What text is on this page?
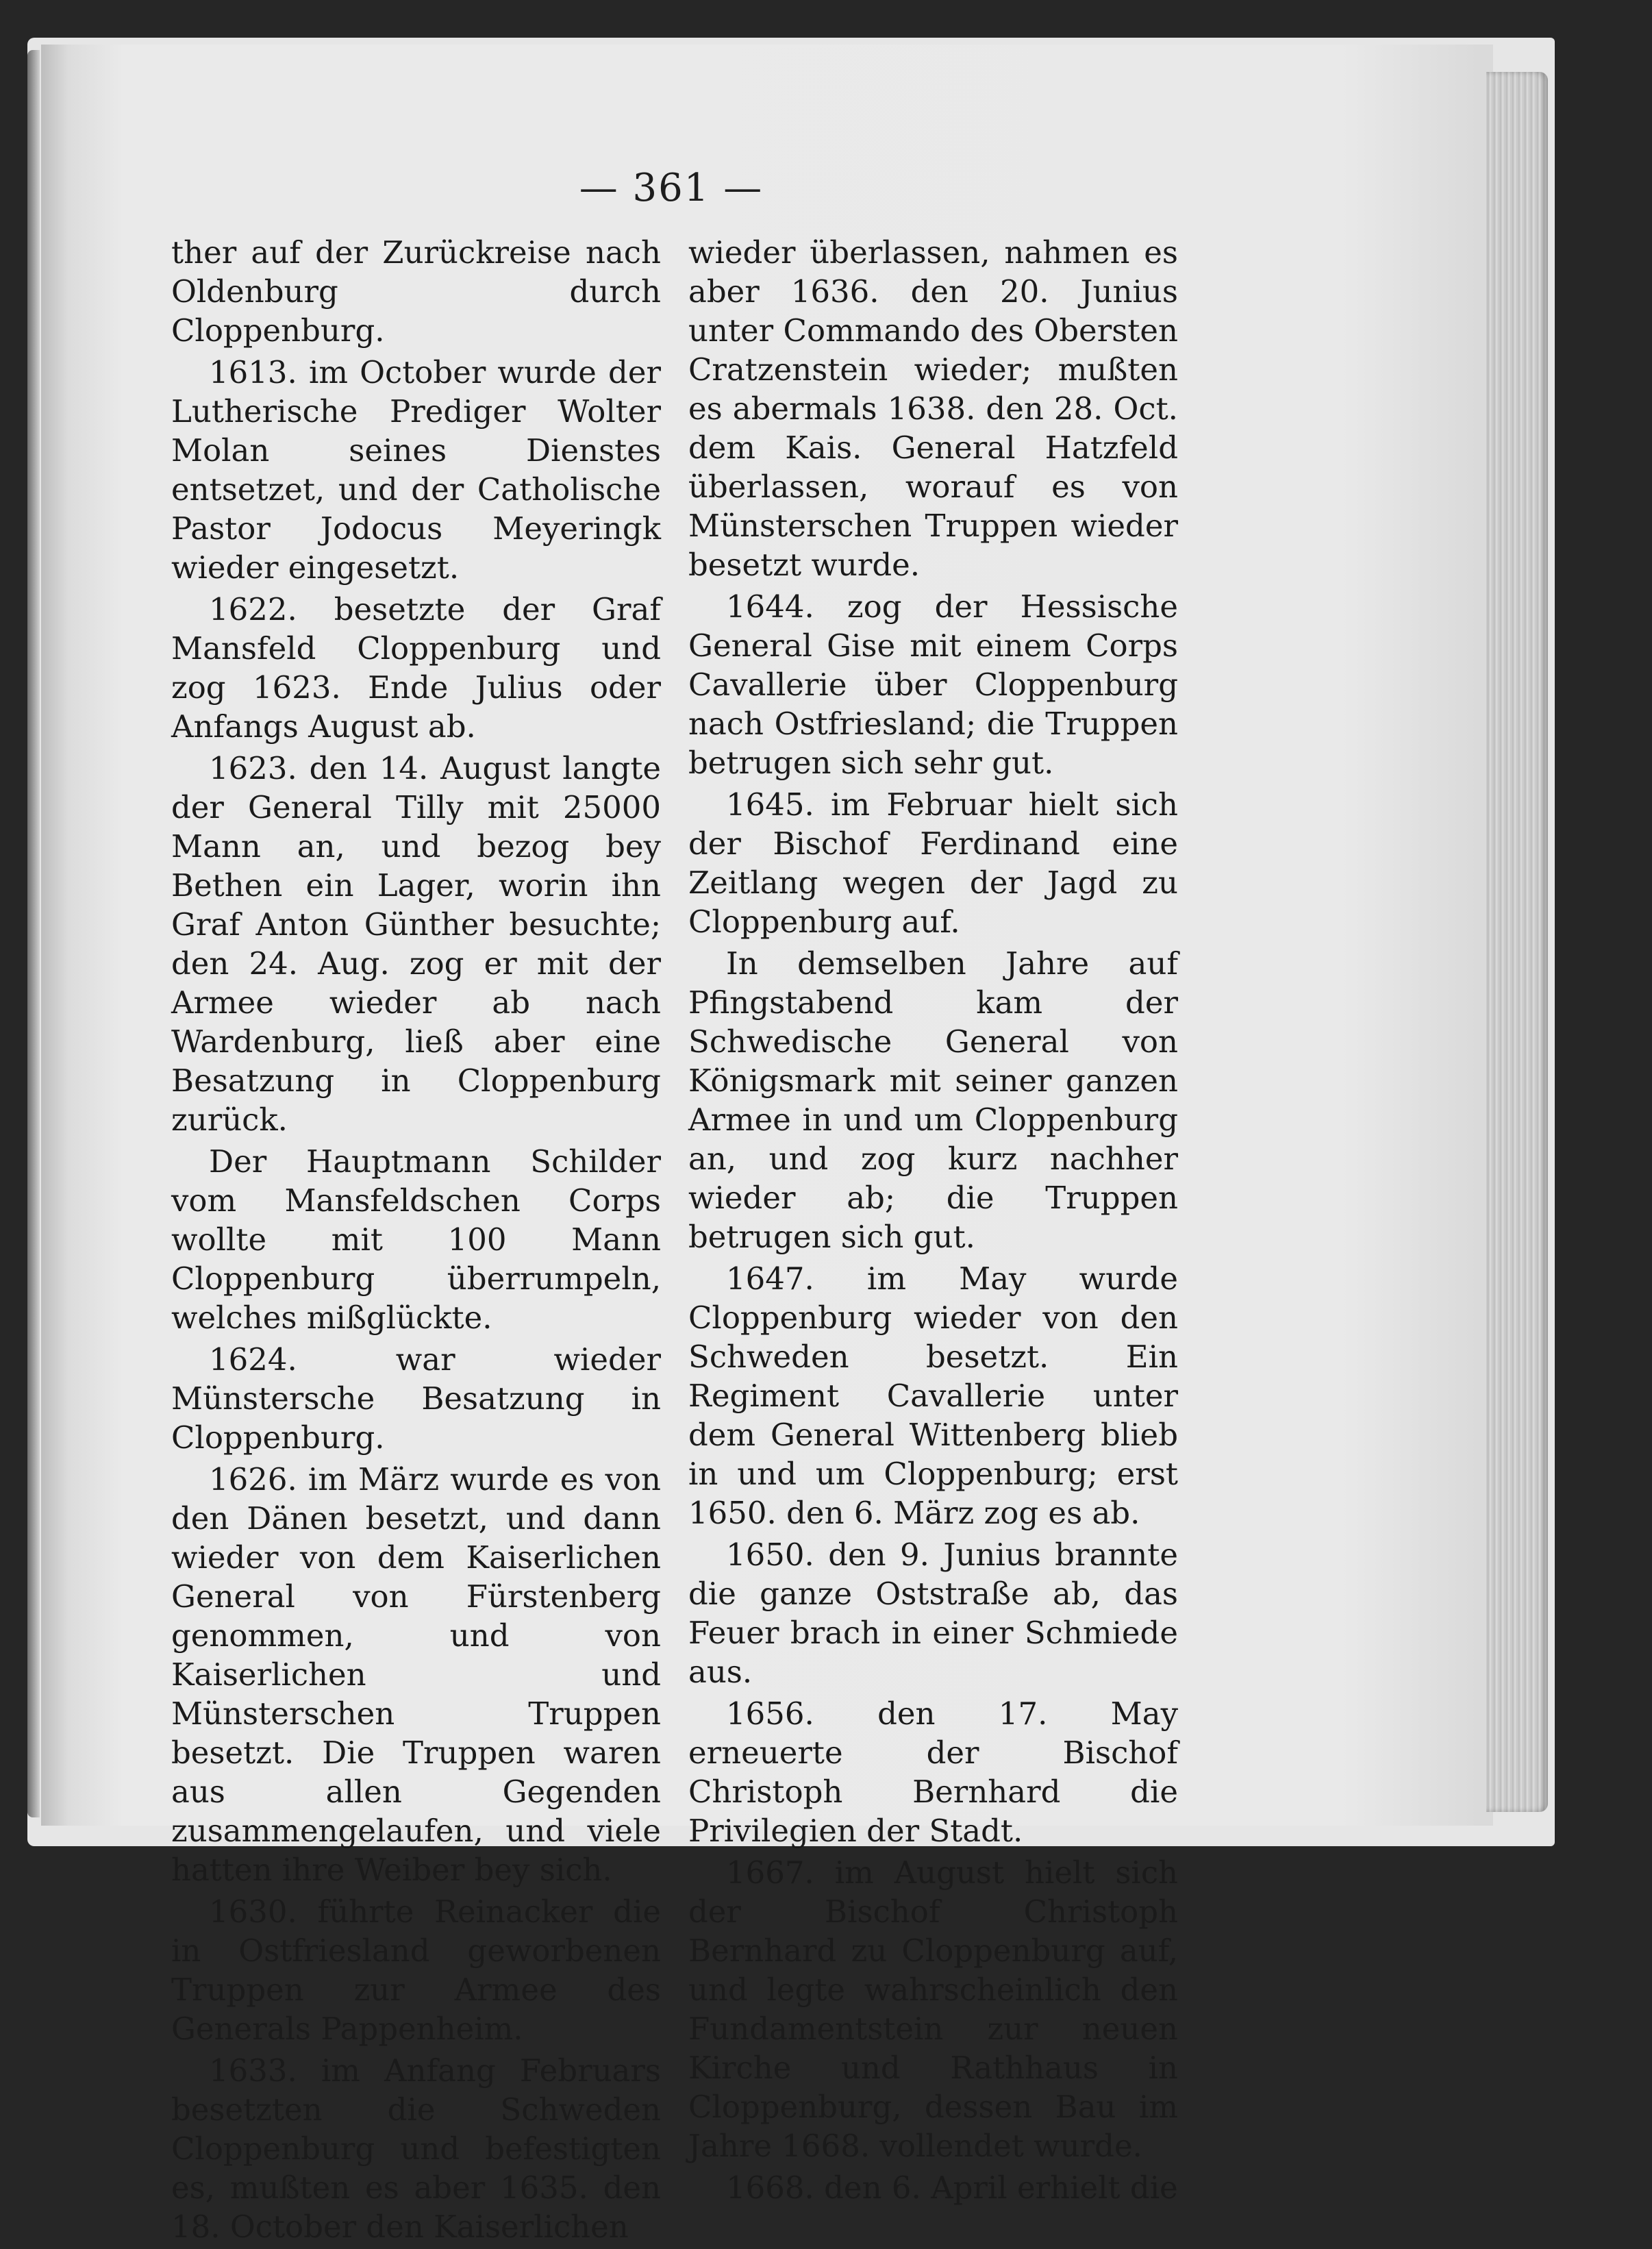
— 361 —

ther auf der Zurückreise nach Oldenburg durch Cloppenburg.

1613. im October wurde der Lutherische Prediger Wolter Molan seines Dienstes entsetzet, und der Catholische Pastor Jodocus Meyeringk wieder eingesetzt.

1622. besetzte der Graf Mansfeld Cloppenburg und zog 1623. Ende Julius oder Anfangs August ab.

1623. den 14. August langte der General Tilly mit 25000 Mann an, und bezog bey Bethen ein Lager, worin ihn Graf Anton Günther besuchte; den 24. Aug. zog er mit der Armee wieder ab nach Wardenburg, ließ aber eine Besatzung in Cloppenburg zurück.

Der Hauptmann Schilder vom Mansfeldschen Corps wollte mit 100 Mann Cloppenburg überrumpeln, welches mißglückte.

1624. war wieder Münstersche Besatzung in Cloppenburg.

1626. im März wurde es von den Dänen besetzt, und dann wieder von dem Kaiserlichen General von Fürstenberg genommen, und von Kaiserlichen und Münsterschen Truppen besetzt. Die Truppen waren aus allen Gegenden zusammengelaufen, und viele hatten ihre Weiber bey sich.

1630. führte Reinacker die in Ostfriesland geworbenen Truppen zur Armee des Generals Pappenheim.

1633. im Anfang Februars besetzten die Schweden Cloppenburg und befestigten es, mußten es aber 1635. den 18. October den Kaiserlichen

wieder überlassen, nahmen es aber 1636. den 20. Junius unter Commando des Obersten Cratzenstein wieder; mußten es abermals 1638. den 28. Oct. dem Kais. General Hatzfeld überlassen, worauf es von Münsterschen Truppen wieder besetzt wurde.

1644. zog der Hessische General Gise mit einem Corps Cavallerie über Cloppenburg nach Ostfriesland; die Truppen betrugen sich sehr gut.

1645. im Februar hielt sich der Bischof Ferdinand eine Zeitlang wegen der Jagd zu Cloppenburg auf.

In demselben Jahre auf Pfingstabend kam der Schwedische General von Königsmark mit seiner ganzen Armee in und um Cloppenburg an, und zog kurz nachher wieder ab; die Truppen betrugen sich gut.

1647. im May wurde Cloppenburg wieder von den Schweden besetzt. Ein Regiment Cavallerie unter dem General Wittenberg blieb in und um Cloppenburg; erst 1650. den 6. März zog es ab.

1650. den 9. Junius brannte die ganze Oststraße ab, das Feuer brach in einer Schmiede aus.

1656. den 17. May erneuerte der Bischof Christoph Bernhard die Privilegien der Stadt.

1667. im August hielt sich der Bischof Christoph Bernhard zu Cloppenburg auf, und legte wahrscheinlich den Fundamentstein zur neuen Kirche und Rathhaus in Cloppenburg, dessen Bau im Jahre 1668. vollendet wurde.

1668. den 6. April erhielt die
